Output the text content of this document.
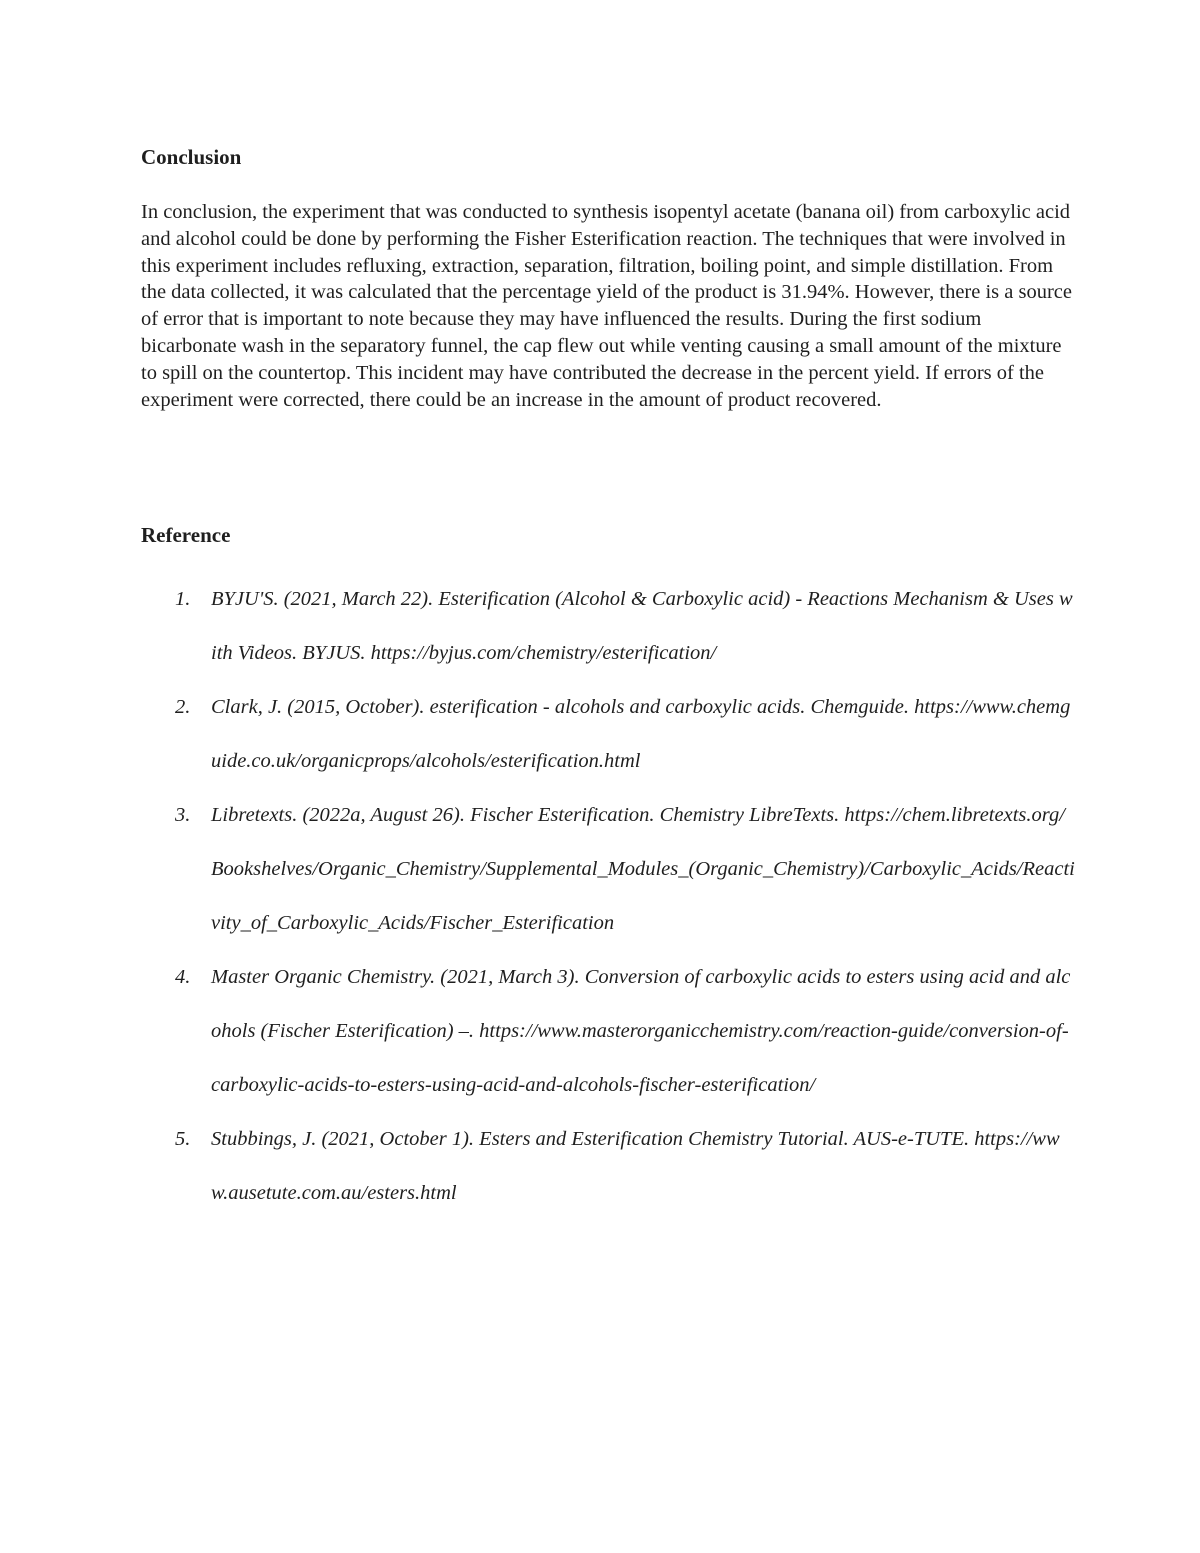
Conclusion

In conclusion, the experiment that was conducted to synthesis isopentyl acetate (banana oil) from carboxylic acid and alcohol could be done by performing the Fisher Esterification reaction. The techniques that were involved in this experiment includes refluxing, extraction, separation, filtration, boiling point, and simple distillation. From the data collected, it was calculated that the percentage yield of the product is 31.94%. However, there is a source of error that is important to note because they may have influenced the results. During the first sodium bicarbonate wash in the separatory funnel, the cap flew out while venting causing a small amount of the mixture to spill on the countertop. This incident may have contributed the decrease in the percent yield. If errors of the experiment were corrected, there could be an increase in the amount of product recovered.

Reference
1. BYJU'S. (2021, March 22). Esterification (Alcohol & Carboxylic acid) - Reactions Mechanism & Uses with Videos. BYJUS. https://byjus.com/chemistry/esterification/
2. Clark, J. (2015, October). esterification - alcohols and carboxylic acids. Chemguide. https://www.chemguide.co.uk/organicprops/alcohols/esterification.html
3. Libretexts. (2022a, August 26). Fischer Esterification. Chemistry LibreTexts. https://chem.libretexts.org/Bookshelves/Organic_Chemistry/Supplemental_Modules_(Organic_Chemistry)/Carboxylic_Acids/Reactivity_of_Carboxylic_Acids/Fischer_Esterification
4. Master Organic Chemistry. (2021, March 3). Conversion of carboxylic acids to esters using acid and alcohols (Fischer Esterification) –. https://www.masterorganicchemistry.com/reaction-guide/conversion-of-carboxylic-acids-to-esters-using-acid-and-alcohols-fischer-esterification/
5. Stubbings, J. (2021, October 1). Esters and Esterification Chemistry Tutorial. AUS-e-TUTE. https://www.ausetute.com.au/esters.html
